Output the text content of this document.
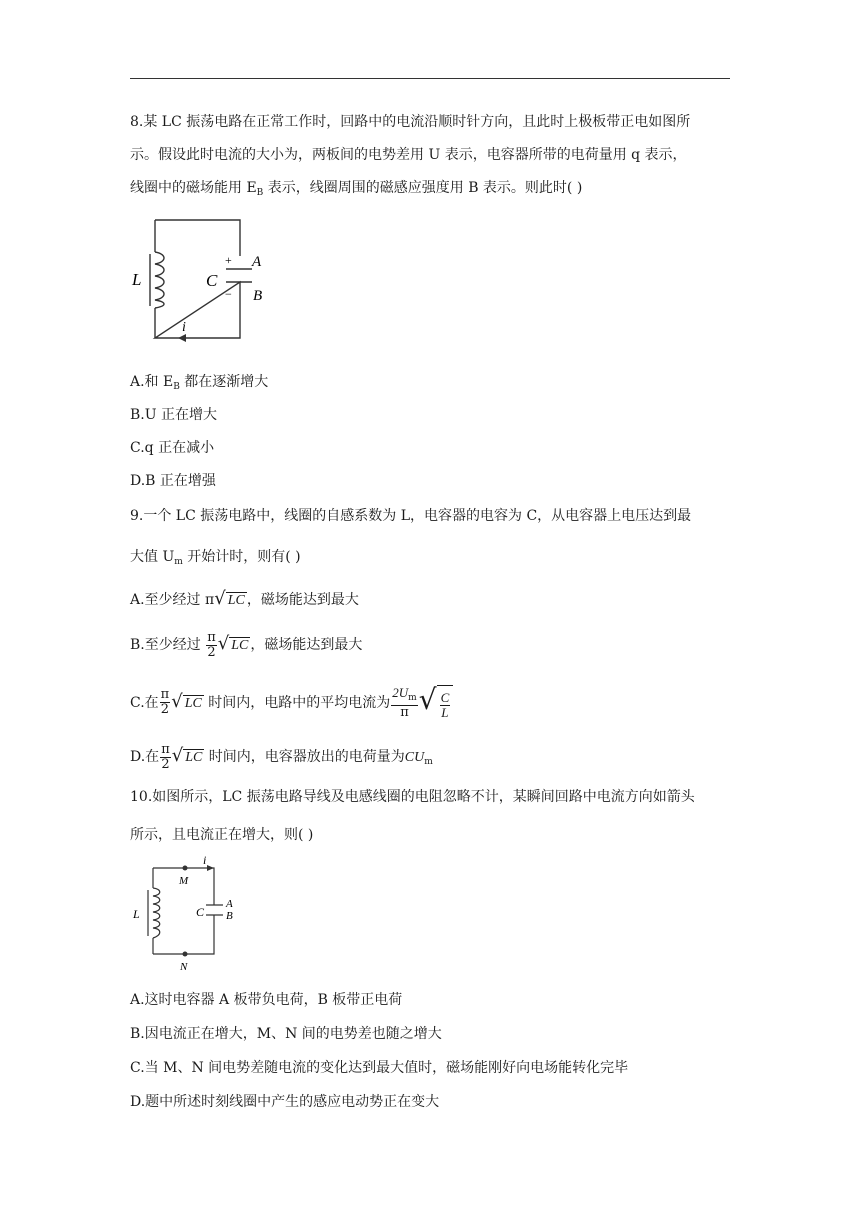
8.某 LC 振荡电路在正常工作时，回路中的电流沿顺时针方向，且此时上极板带正电如图所
示。假设此时电流的大小为，两板间的电势差用 U 表示，电容器所带的电荷量用 q 表示，
线圈中的磁场能用 $E_B$ 表示，线圈周围的磁感应强度用 B 表示。则此时( )
L	C
+
−
A
B
i
A.和 $E_B$ 都在逐渐增大
B.U 正在增大
C.q 正在减小
D.B 正在增强
9.一个 LC 振荡电路中，线圈的自感系数为 L，电容器的电容为 C，从电容器上电压达到最
大值 $U_m$ 开始计时，则有( )
A.至少经过 π√ LC ，磁场能达到最大
B.至少经过 $\frac{\pi}{2}$ √ LC ，磁场能达到最大
C.在 $\frac{\pi}{2}$ √ LC 时间内，电路中的平均电流为 $\frac{2U_m}{\pi}$ √ $\frac{C}{L}$
D.在 $\frac{\pi}{2}$ √ LC 时间内，电容器放出的电荷量为$CU_m$
10.如图所示，LC 振荡电路导线及电感线圈的电阻忽略不计，某瞬间回路中电流方向如箭头
所示，且电流正在增大，则( )
i
M
N
L	C
A
B
A.这时电容器 A 板带负电荷，B 板带正电荷
B.因电流正在增大，M、N 间的电势差也随之增大
C.当 M、N 间电势差随电流的变化达到最大值时，磁场能刚好向电场能转化完毕
D.题中所述时刻线圈中产生的感应电动势正在变大
